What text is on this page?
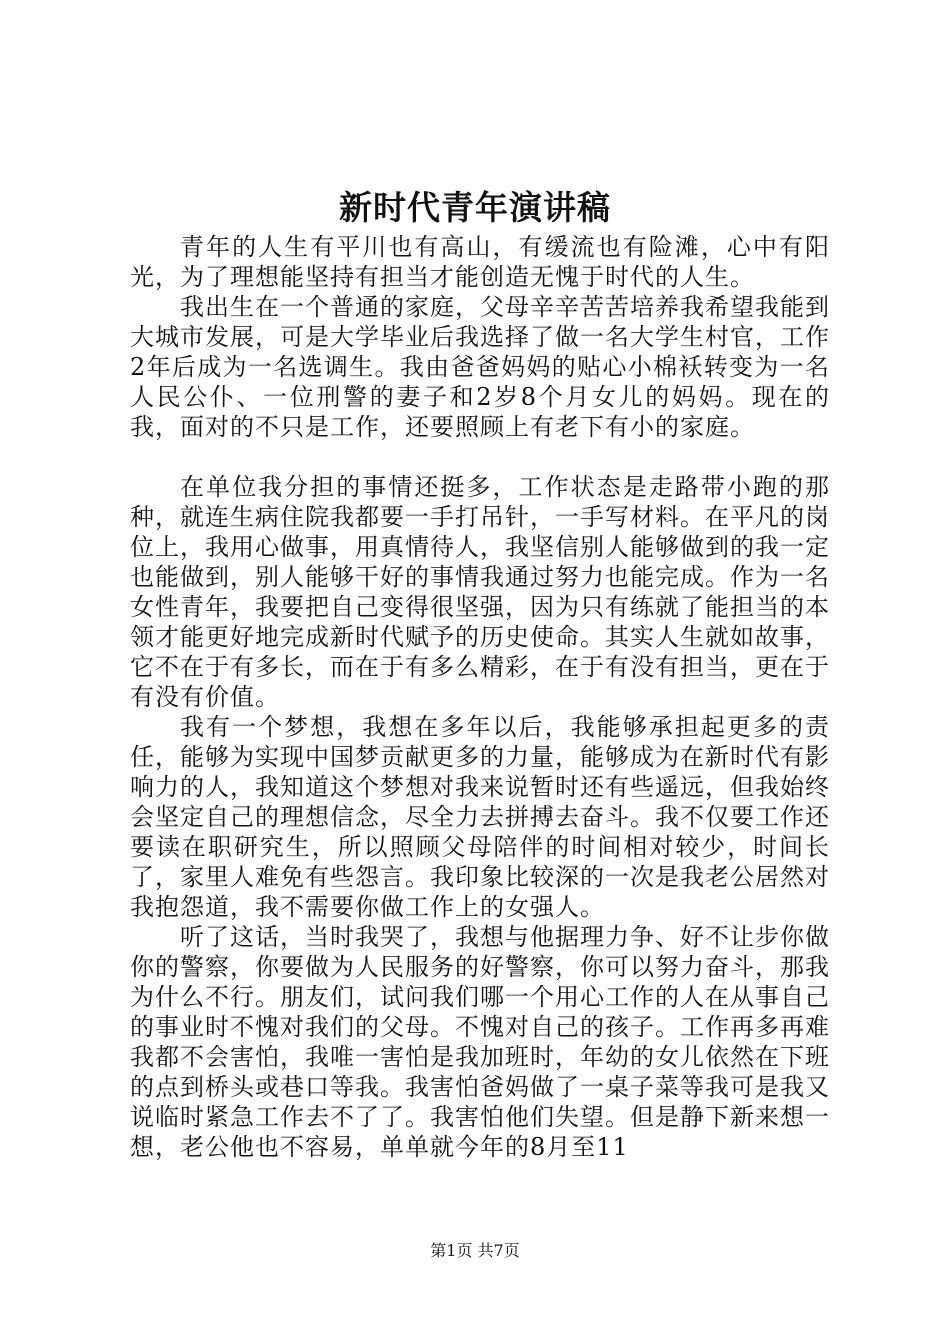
新时代青年演讲稿

青年的人生有平川也有高山，有缓流也有险滩，心中有阳光，为了理想能坚持有担当才能创造无愧于时代的人生。

我出生在一个普通的家庭，父母辛辛苦苦培养我希望我能到大城市发展，可是大学毕业后我选择了做一名大学生村官，工作2年后成为一名选调生。我由爸爸妈妈的贴心小棉袄转变为一名人民公仆、一位刑警的妻子和2岁8个月女儿的妈妈。现在的我，面对的不只是工作，还要照顾上有老下有小的家庭。

在单位我分担的事情还挺多，工作状态是走路带小跑的那种，就连生病住院我都要一手打吊针，一手写材料。在平凡的岗位上，我用心做事，用真情待人，我坚信别人能够做到的我一定也能做到，别人能够干好的事情我通过努力也能完成。作为一名女性青年，我要把自己变得很坚强，因为只有练就了能担当的本领才能更好地完成新时代赋予的历史使命。其实人生就如故事，它不在于有多长，而在于有多么精彩，在于有没有担当，更在于有没有价值。

我有一个梦想，我想在多年以后，我能够承担起更多的责任，能够为实现中国梦贡献更多的力量，能够成为在新时代有影响力的人，我知道这个梦想对我来说暂时还有些遥远，但我始终会坚定自己的理想信念，尽全力去拼搏去奋斗。我不仅要工作还要读在职研究生，所以照顾父母陪伴的时间相对较少，时间长了，家里人难免有些怨言。我印象比较深的一次是我老公居然对我抱怨道，我不需要你做工作上的女强人。

听了这话，当时我哭了，我想与他据理力争、好不让步你做你的警察，你要做为人民服务的好警察，你可以努力奋斗，那我为什么不行。朋友们，试问我们哪一个用心工作的人在从事自己的事业时不愧对我们的父母。不愧对自己的孩子。工作再多再难我都不会害怕，我唯一害怕是我加班时，年幼的女儿依然在下班的点到桥头或巷口等我。我害怕爸妈做了一桌子菜等我可是我又说临时紧急工作去不了了。我害怕他们失望。但是静下新来想一想，老公他也不容易，单单就今年的8月至11

第1页 共7页
